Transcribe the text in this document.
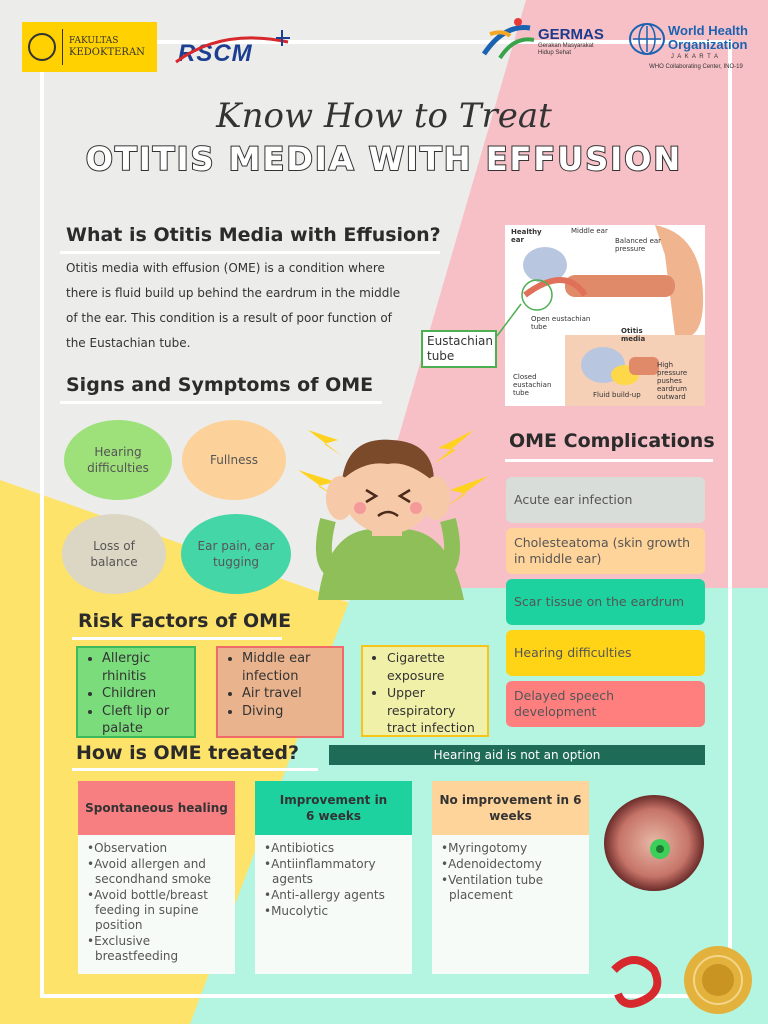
FAKULTAS
KEDOKTERAN RSCM
GERMAS
Gerakan Masyarakat
Hidup Sehat
World Health
Organization
J A K A R T A
WHO Collaborating Center, INO-19
Know How to Treat
OTITIS MEDIA WITH EFFUSION
What is Otitis Media with Effusion?
Otitis media with effusion (OME) is a condition where there is fluid build up behind the eardrum in the middle of the ear. This condition is a result of poor function of the Eustachian tube.
Healthy ear
Middle ear
Balanced ear pressure
Open eustachian tube	Otitis media
High pressure pushes eardrum outward
Closed eustachian tube	Fluid build-up
Eustachian tube
Signs and Symptoms of OME
Hearing difficulties
Fullness
Loss of balance
Ear pain, ear tugging
OME Complications
Acute ear infection
Cholesteatoma (skin growth in middle ear)
Scar tissue on the eardrum
Hearing difficulties
Delayed speech development
Risk Factors of OME
• Allergic rhinitis
• Children
• Cleft lip or palate
• Middle ear infection
• Air travel
• Diving
• Cigarette exposure
• Upper respiratory tract infection
How is OME treated?	Hearing aid is not an option
Spontaneous healing
• Observation
• Avoid allergen and secondhand smoke
• Avoid bottle/breast feeding in supine position
• Exclusive breastfeeding
Improvement in 6 weeks
• Antibiotics
• Antiinflammatory agents
• Anti-allergy agents
• Mucolytic
No improvement in 6 weeks
• Myringotomy
• Adenoidectomy
• Ventilation tube placement
